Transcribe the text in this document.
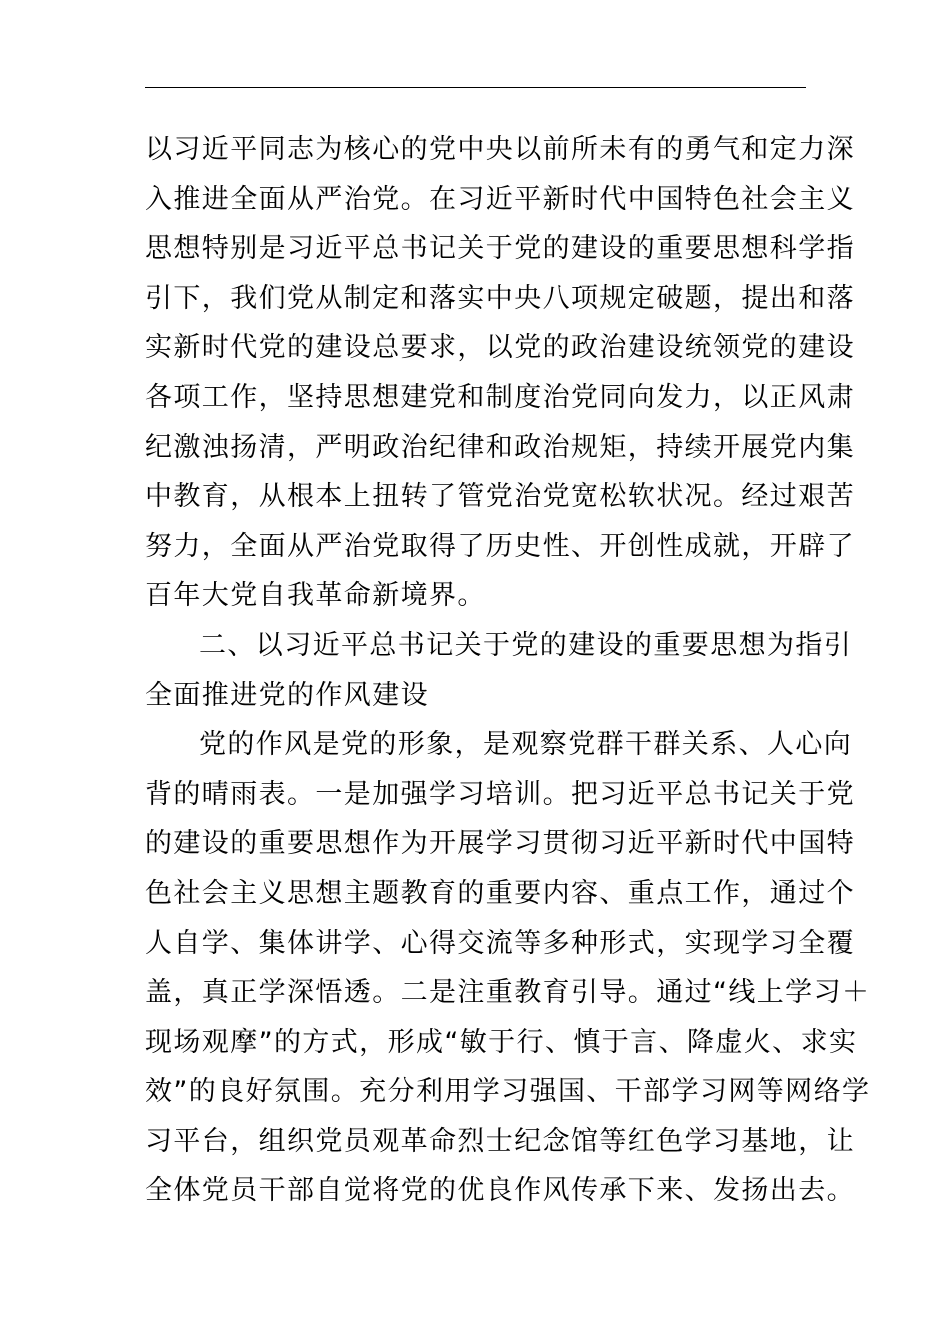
以习近平同志为核心的党中央以前所未有的勇气和定力深
入推进全面从严治党。在习近平新时代中国特色社会主义
思想特别是习近平总书记关于党的建设的重要思想科学指
引下，我们党从制定和落实中央八项规定破题，提出和落
实新时代党的建设总要求，以党的政治建设统领党的建设
各项工作，坚持思想建党和制度治党同向发力，以正风肃
纪激浊扬清，严明政治纪律和政治规矩，持续开展党内集
中教育，从根本上扭转了管党治党宽松软状况。经过艰苦
努力，全面从严治党取得了历史性、开创性成就，开辟了
百年大党自我革命新境界。
二、以习近平总书记关于党的建设的重要思想为指引
全面推进党的作风建设
党的作风是党的形象，是观察党群干群关系、人心向
背的晴雨表。一是加强学习培训。把习近平总书记关于党
的建设的重要思想作为开展学习贯彻习近平新时代中国特
色社会主义思想主题教育的重要内容、重点工作，通过个
人自学、集体讲学、心得交流等多种形式，实现学习全覆
盖，真正学深悟透。二是注重教育引导。通过“线上学习＋
现场观摩”的方式，形成“敏于行、慎于言、降虚火、求实
效”的良好氛围。充分利用学习强国、干部学习网等网络学
习平台，组织党员观革命烈士纪念馆等红色学习基地，让
全体党员干部自觉将党的优良作风传承下来、发扬出去。
